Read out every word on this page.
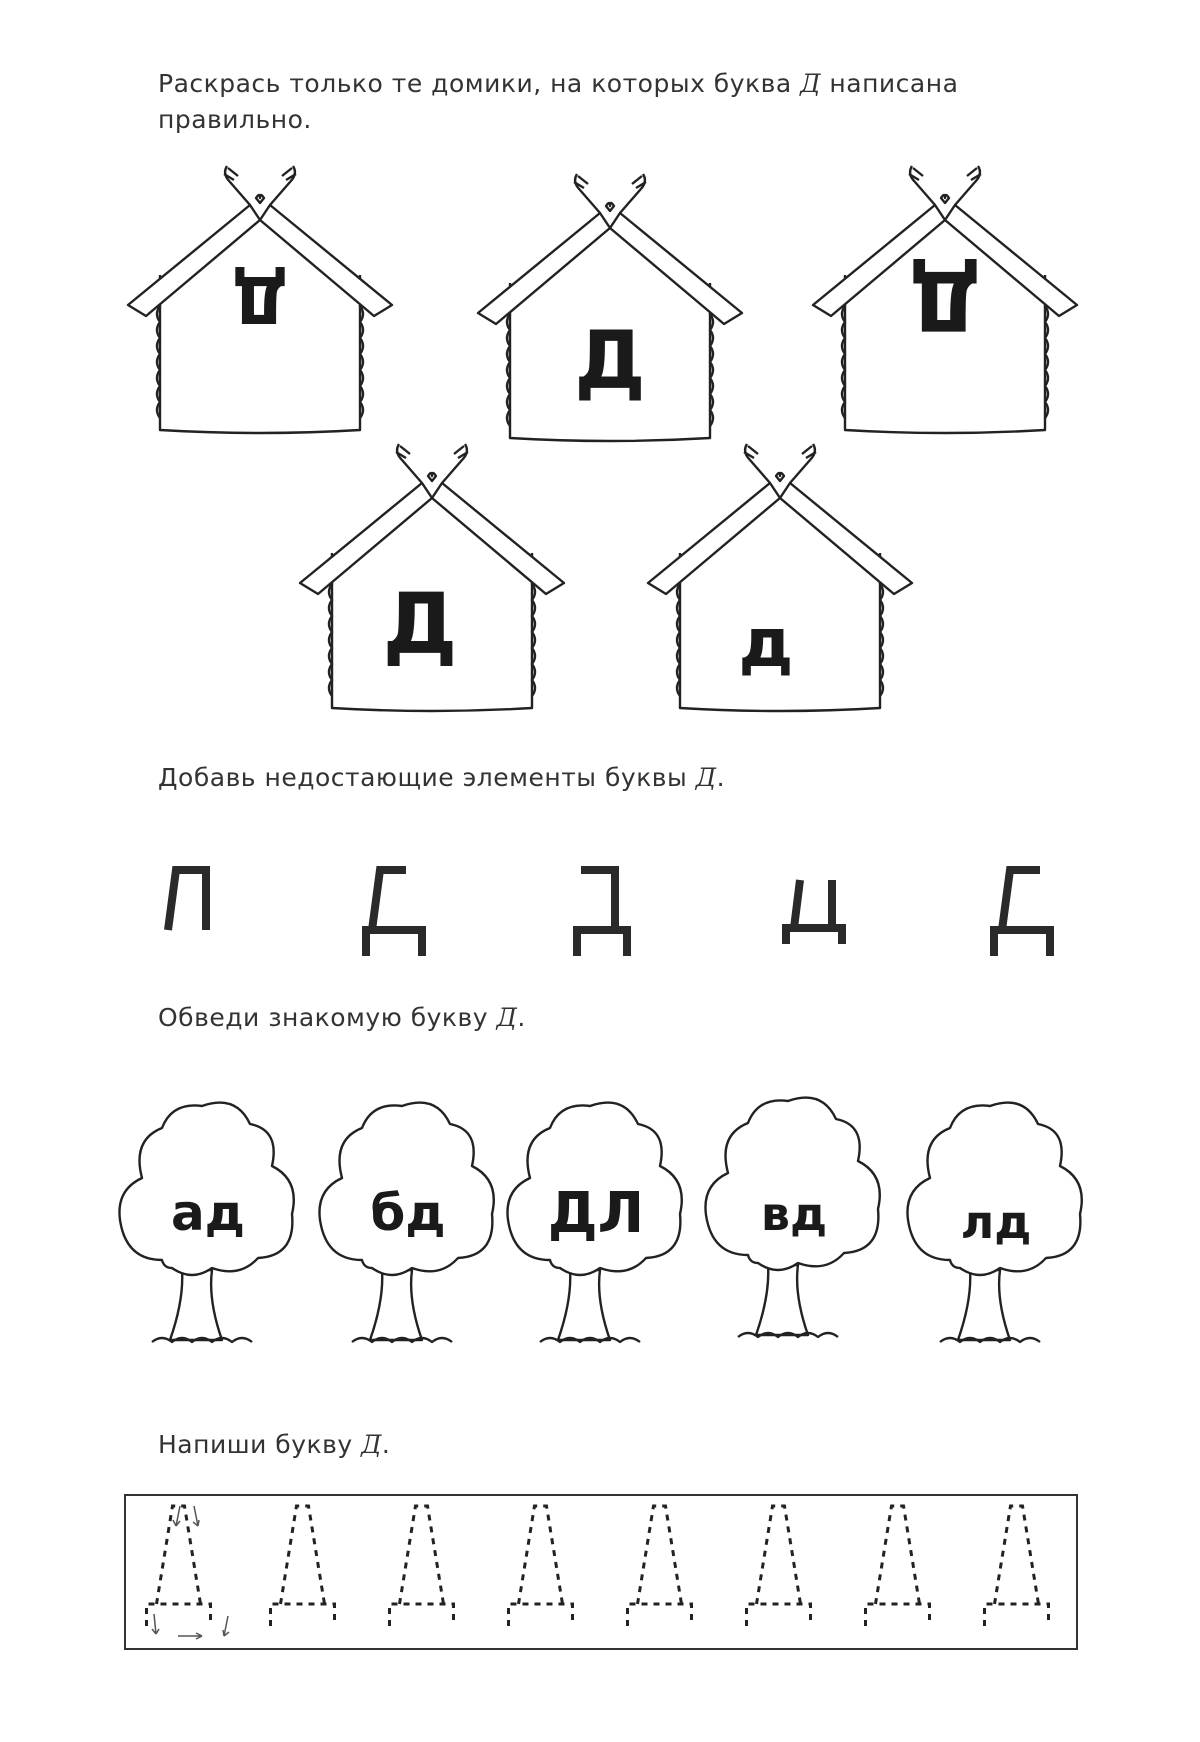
Раскрась только те домики, на которых буква Д написана правильно.
Д
Д
Д
Д	д
Добавь недостающие элементы буквы Д.
Обведи знакомую букву Д.
ад	бд ДЛ	вд	лд
Напиши букву Д.
